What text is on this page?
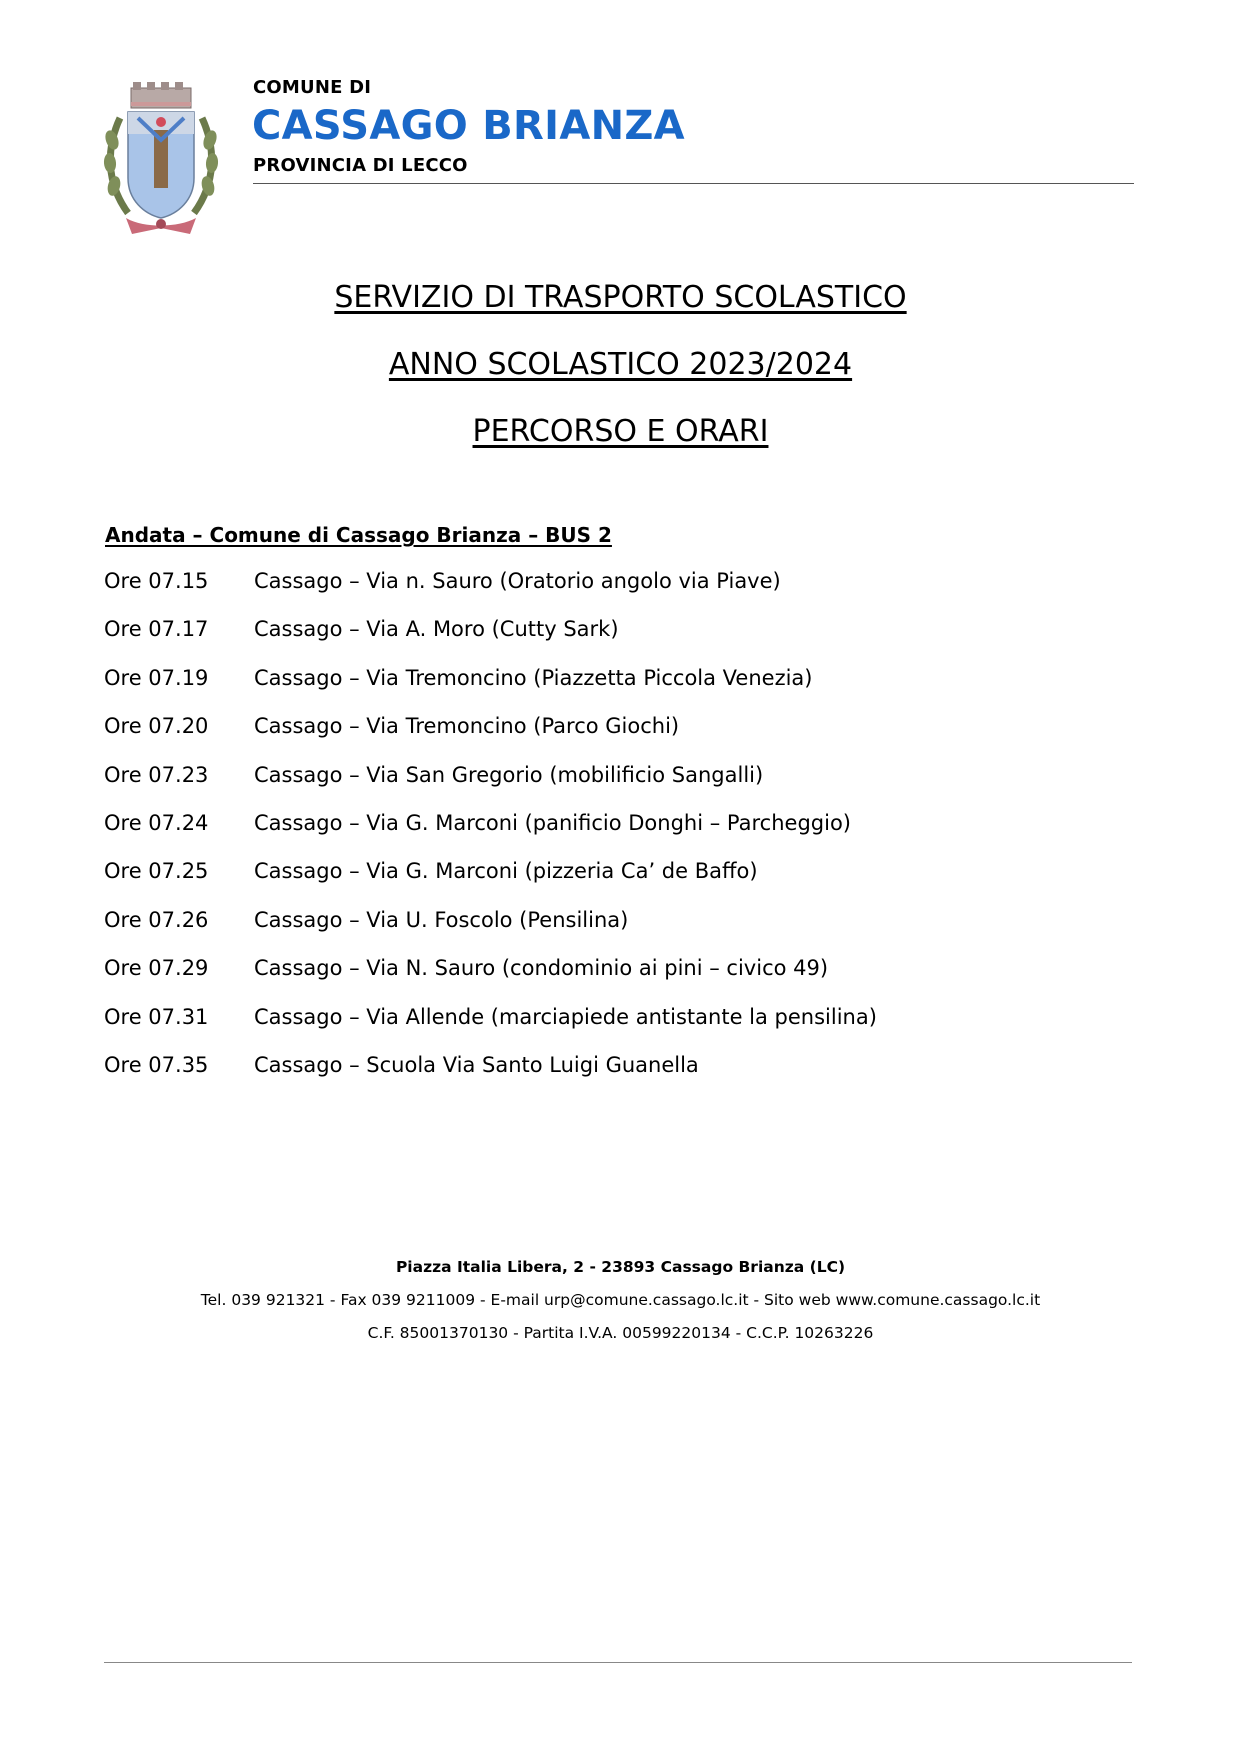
COMUNE DI
CASSAGO BRIANZA
PROVINCIA DI LECCO
SERVIZIO DI TRASPORTO SCOLASTICO
ANNO SCOLASTICO 2023/2024
PERCORSO E ORARI
Andata – Comune di Cassago Brianza – BUS 2
Ore 07.15	Cassago – Via n. Sauro (Oratorio angolo via Piave)
Ore 07.17	Cassago – Via A. Moro (Cutty Sark)
Ore 07.19	Cassago – Via Tremoncino (Piazzetta Piccola Venezia)
Ore 07.20	Cassago – Via Tremoncino (Parco Giochi)
Ore 07.23	Cassago – Via San Gregorio (mobilificio Sangalli)
Ore 07.24	Cassago – Via G. Marconi (panificio Donghi – Parcheggio)
Ore 07.25	Cassago – Via G. Marconi (pizzeria Ca’ de Baffo)
Ore 07.26	Cassago – Via U. Foscolo (Pensilina)
Ore 07.29	Cassago – Via N. Sauro (condominio ai pini – civico 49)
Ore 07.31	Cassago – Via Allende (marciapiede antistante la pensilina)
Ore 07.35	Cassago – Scuola Via Santo Luigi Guanella
Piazza Italia Libera, 2 - 23893 Cassago Brianza (LC)
Tel. 039 921321 - Fax 039 9211009 - E-mail urp@comune.cassago.lc.it - Sito web www.comune.cassago.lc.it
C.F. 85001370130 - Partita I.V.A. 00599220134 - C.C.P. 10263226
